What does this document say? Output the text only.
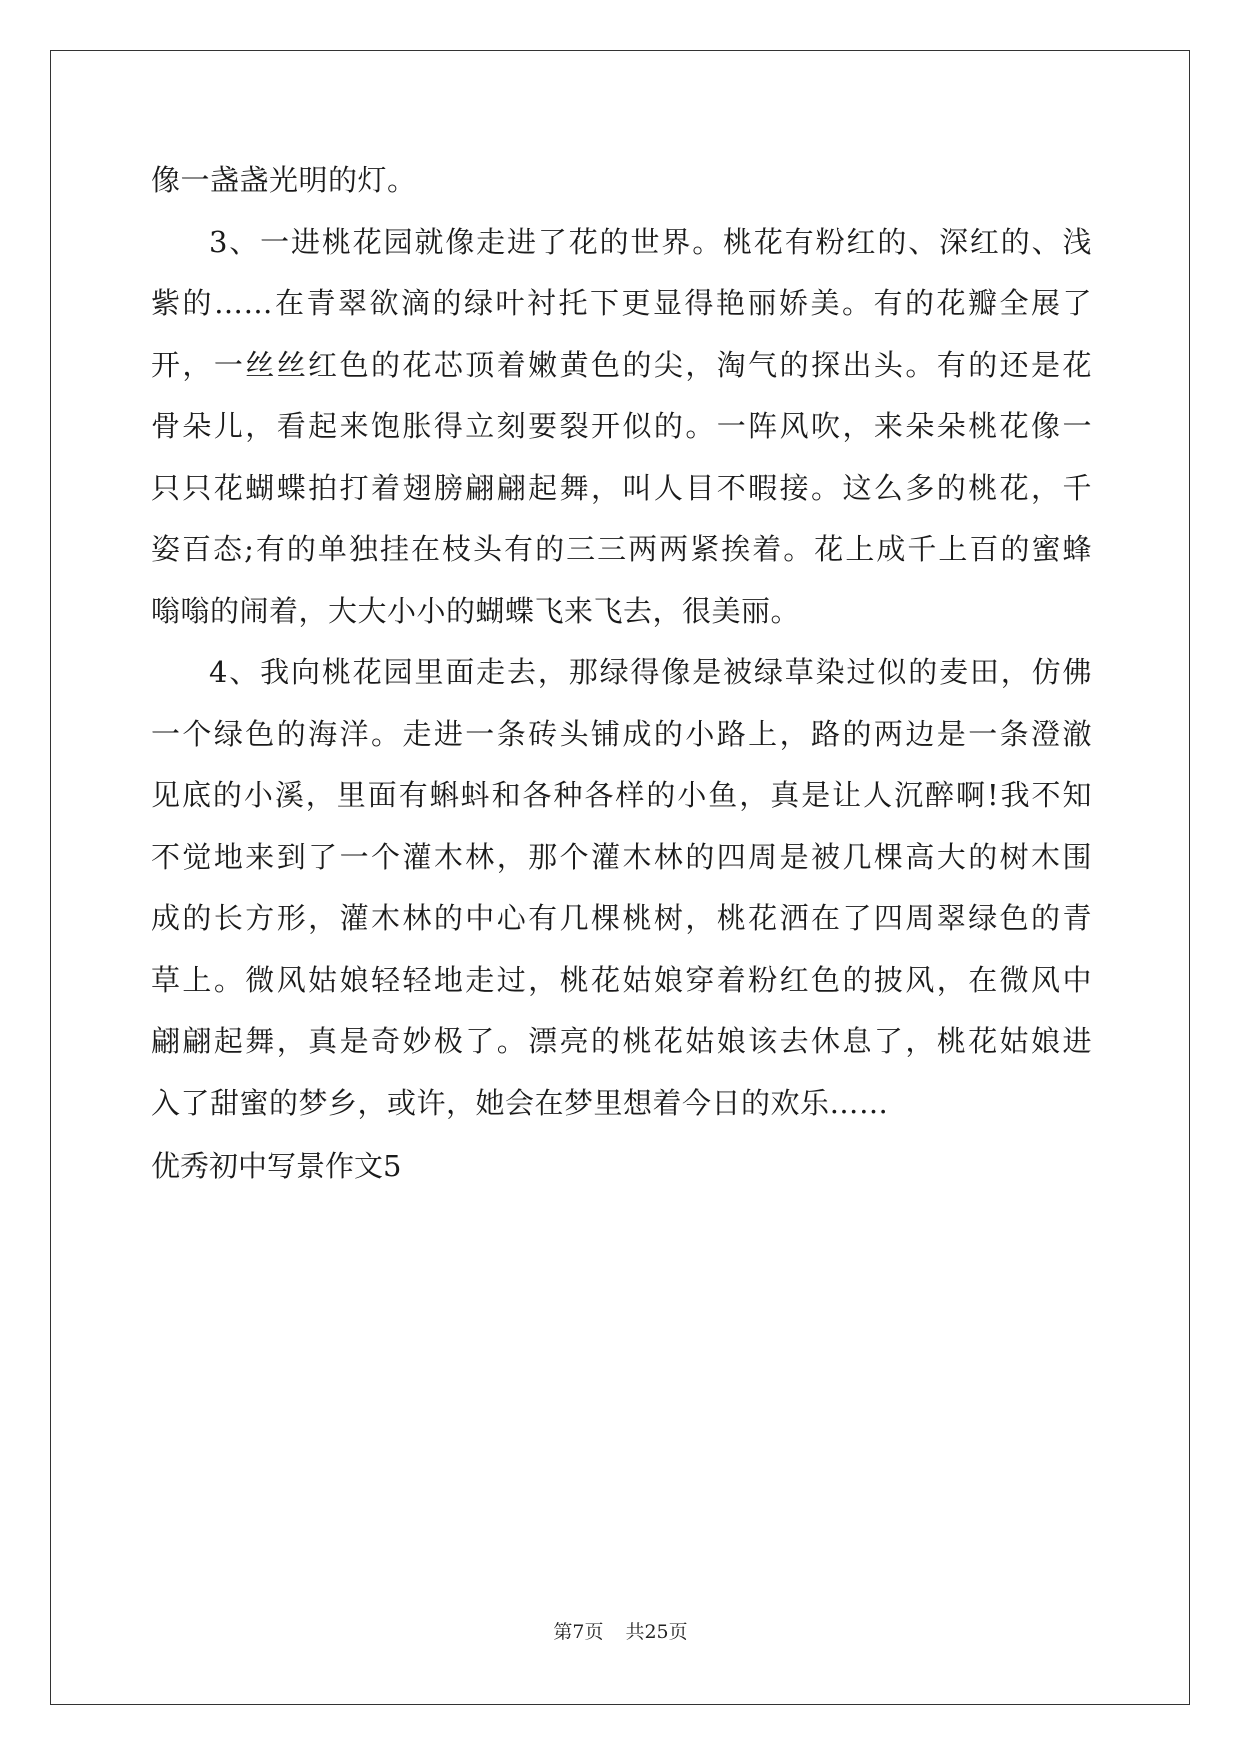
像一盏盏光明的灯。
3、一进桃花园就像走进了花的世界。桃花有粉红的、深红的、浅
紫的……在青翠欲滴的绿叶衬托下更显得艳丽娇美。有的花瓣全展了
开，一丝丝红色的花芯顶着嫩黄色的尖，淘气的探出头。有的还是花
骨朵儿，看起来饱胀得立刻要裂开似的。一阵风吹，来朵朵桃花像一
只只花蝴蝶拍打着翅膀翩翩起舞，叫人目不暇接。这么多的桃花，千
姿百态;有的单独挂在枝头有的三三两两紧挨着。花上成千上百的蜜蜂
嗡嗡的闹着，大大小小的蝴蝶飞来飞去，很美丽。
4、我向桃花园里面走去，那绿得像是被绿草染过似的麦田，仿佛
一个绿色的海洋。走进一条砖头铺成的小路上，路的两边是一条澄澈
见底的小溪，里面有蝌蚪和各种各样的小鱼，真是让人沉醉啊!我不知
不觉地来到了一个灌木林，那个灌木林的四周是被几棵高大的树木围
成的长方形，灌木林的中心有几棵桃树，桃花洒在了四周翠绿色的青
草上。微风姑娘轻轻地走过，桃花姑娘穿着粉红色的披风，在微风中
翩翩起舞，真是奇妙极了。漂亮的桃花姑娘该去休息了，桃花姑娘进
入了甜蜜的梦乡，或许，她会在梦里想着今日的欢乐……
优秀初中写景作文5
第7页 共25页
